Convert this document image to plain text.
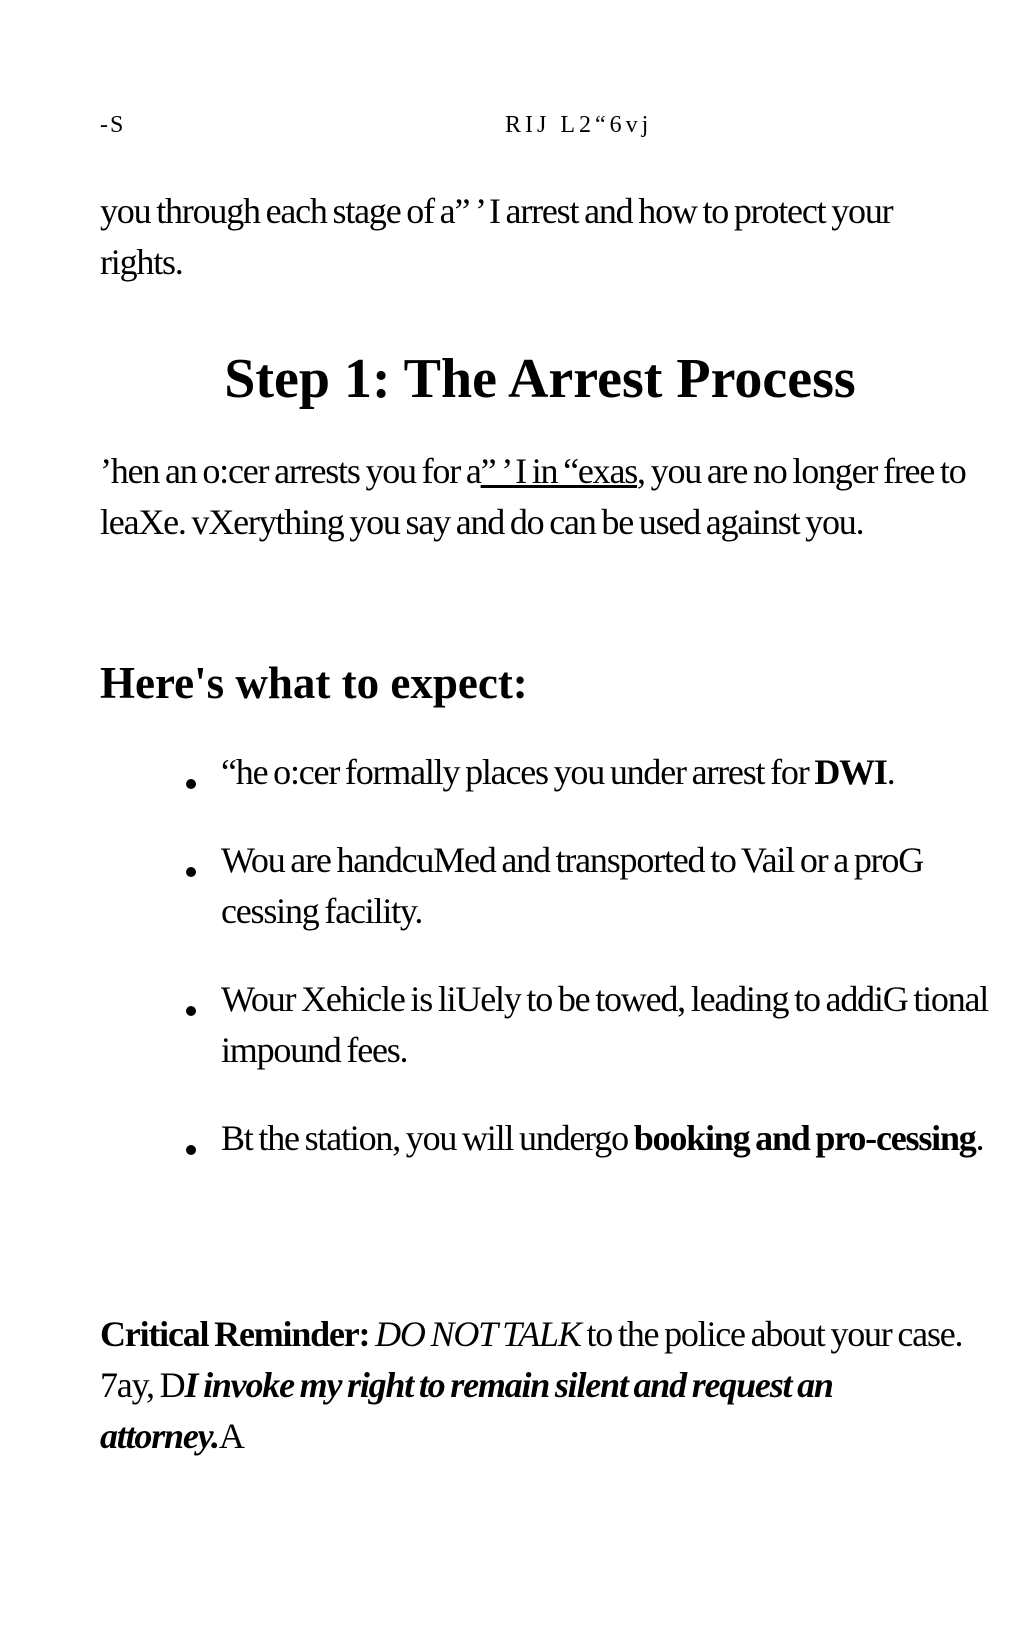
-S	RIJ L2“6vj
you through each stage of a” ’ I arrest and how to protect your rights.
Step 1: The Arrest Process
’hen an o:cer arrests you for a” ’ I in “exas, you are no longer free to leaXe. vXerything you say and do can be used against you.
Here's what to expect:
“he o:cer formally places you under arrest for DWI.
Wou are handcuMed and transported to Vail or a proG cessing facility.
Wour Xehicle is liUely to be towed, leading to addiG tional impound fees.
Bt the station, you will undergo booking and pro-cessing.
Critical Reminder: DO NOT TALK to the police about your case. 7ay, DI invoke my right to remain silent and request an attorney.A
